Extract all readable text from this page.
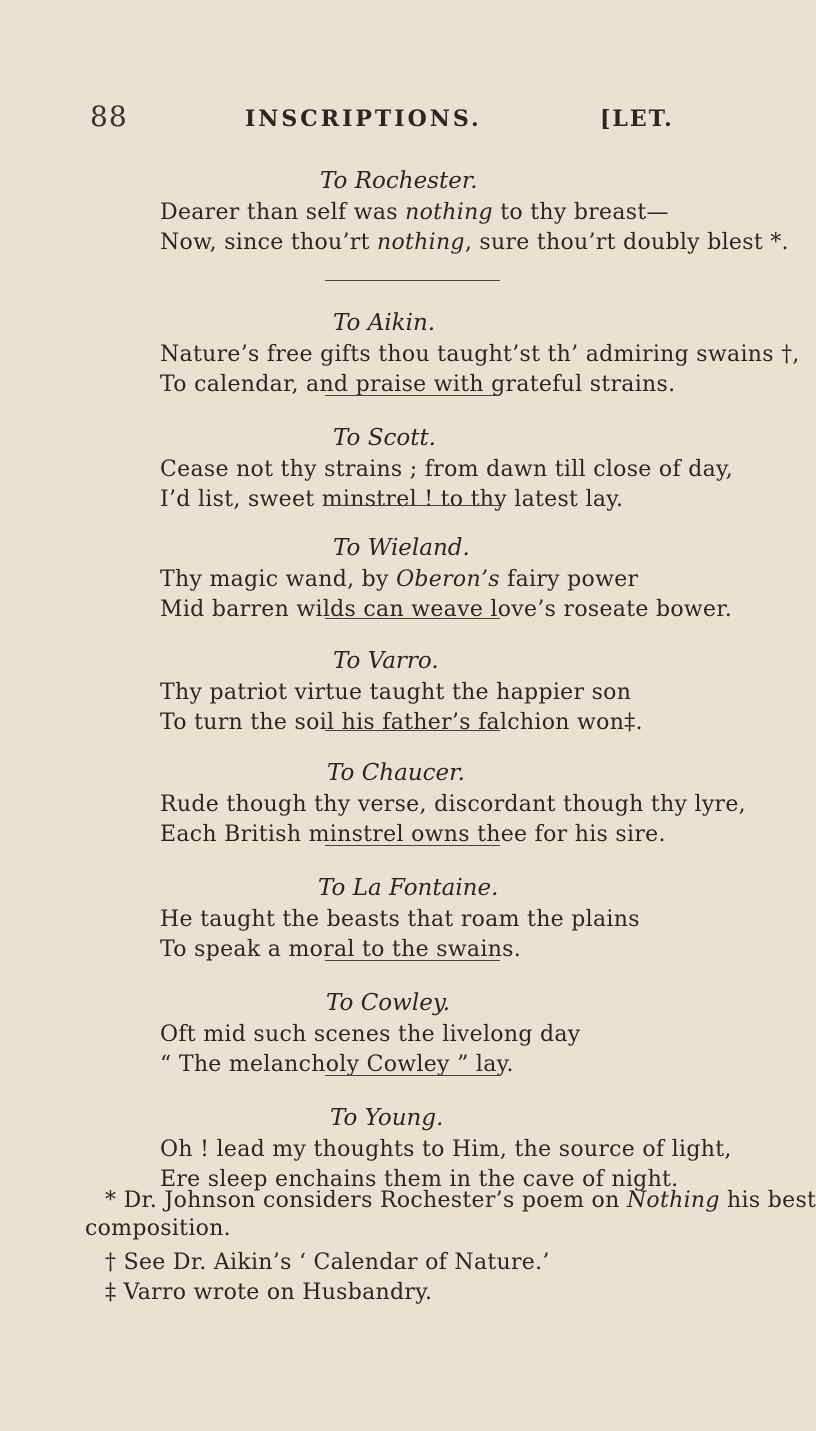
88	INSCRIPTIONS.	[LET.
To Rochester.
Dearer than self was nothing to thy breast—
Now, since thou’rt nothing, sure thou’rt doubly blest *.
To Aikin.
Nature’s free gifts thou taught’st th’ admiring swains †,
To calendar, and praise with grateful strains.
To Scott.
Cease not thy strains ; from dawn till close of day,
I’d list, sweet minstrel ! to thy latest lay.
To Wieland.
Thy magic wand, by Oberon’s fairy power
Mid barren wilds can weave love’s roseate bower.
To Varro.
Thy patriot virtue taught the happier son
To turn the soil his father’s falchion won‡.
To Chaucer.
Rude though thy verse, discordant though thy lyre,
Each British minstrel owns thee for his sire.
To La Fontaine.
He taught the beasts that roam the plains
To speak a moral to the swains.
To Cowley.
Oft mid such scenes the livelong day
“ The melancholy Cowley ” lay.
To Young.
Oh ! lead my thoughts to Him, the source of light,
Ere sleep enchains them in the cave of night.
* Dr. Johnson considers Rochester’s poem on Nothing his best
composition.
† See Dr. Aikin’s ‘ Calendar of Nature.’
‡ Varro wrote on Husbandry.
